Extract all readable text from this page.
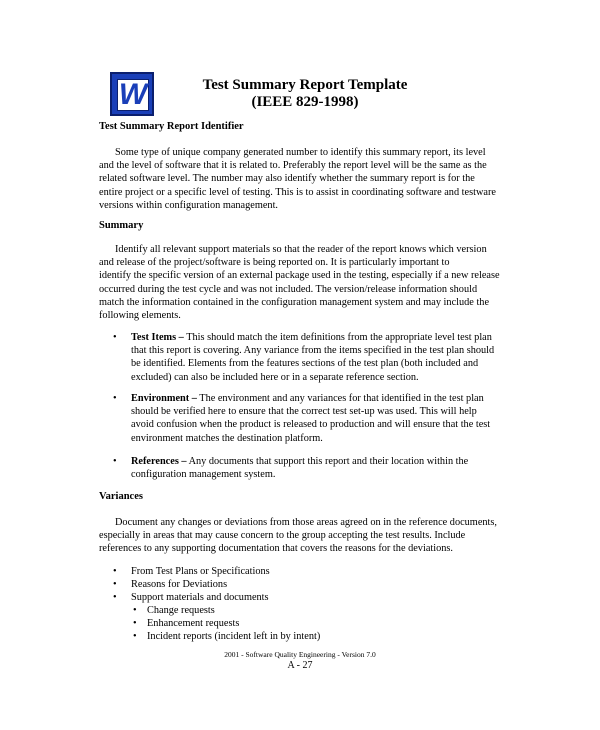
W	Test Summary Report Template
(IEEE 829-1998)
Test Summary Report Identifier
Some type of unique company generated number to identify this summary report, its level
and the level of software that it is related to. Preferably the report level will be the same as the
related software level. The number may also identify whether the summary report is for the
entire project or a specific level of testing. This is to assist in coordinating software and testware
versions within configuration management.
Summary
Identify all relevant support materials so that the reader of the report knows which version
and release of the project/software is being reported on. It is particularly important to
identify the specific version of an external package used in the testing, especially if a new release
occurred during the test cycle and was not included. The version/release information should
match the information contained in the configuration management system and may include the
following elements.
• Test Items – This should match the item definitions from the appropriate level test plan
that this report is covering. Any variance from the items specified in the test plan should
be identified. Elements from the features sections of the test plan (both included and
excluded) can also be included here or in a separate reference section.
• Environment – The environment and any variances for that identified in the test plan
should be verified here to ensure that the correct test set-up was used. This will help
avoid confusion when the product is released to production and will ensure that the test
environment matches the destination platform.
• References – Any documents that support this report and their location within the
configuration management system.
Variances
Document any changes or deviations from those areas agreed on in the reference documents,
especially in areas that may cause concern to the group accepting the test results. Include
references to any supporting documentation that covers the reasons for the deviations.
• From Test Plans or Specifications
• Reasons for Deviations
• Support materials and documents
• Change requests
• Enhancement requests
• Incident reports (incident left in by intent)
2001 - Software Quality Engineering - Version 7.0
A - 27
